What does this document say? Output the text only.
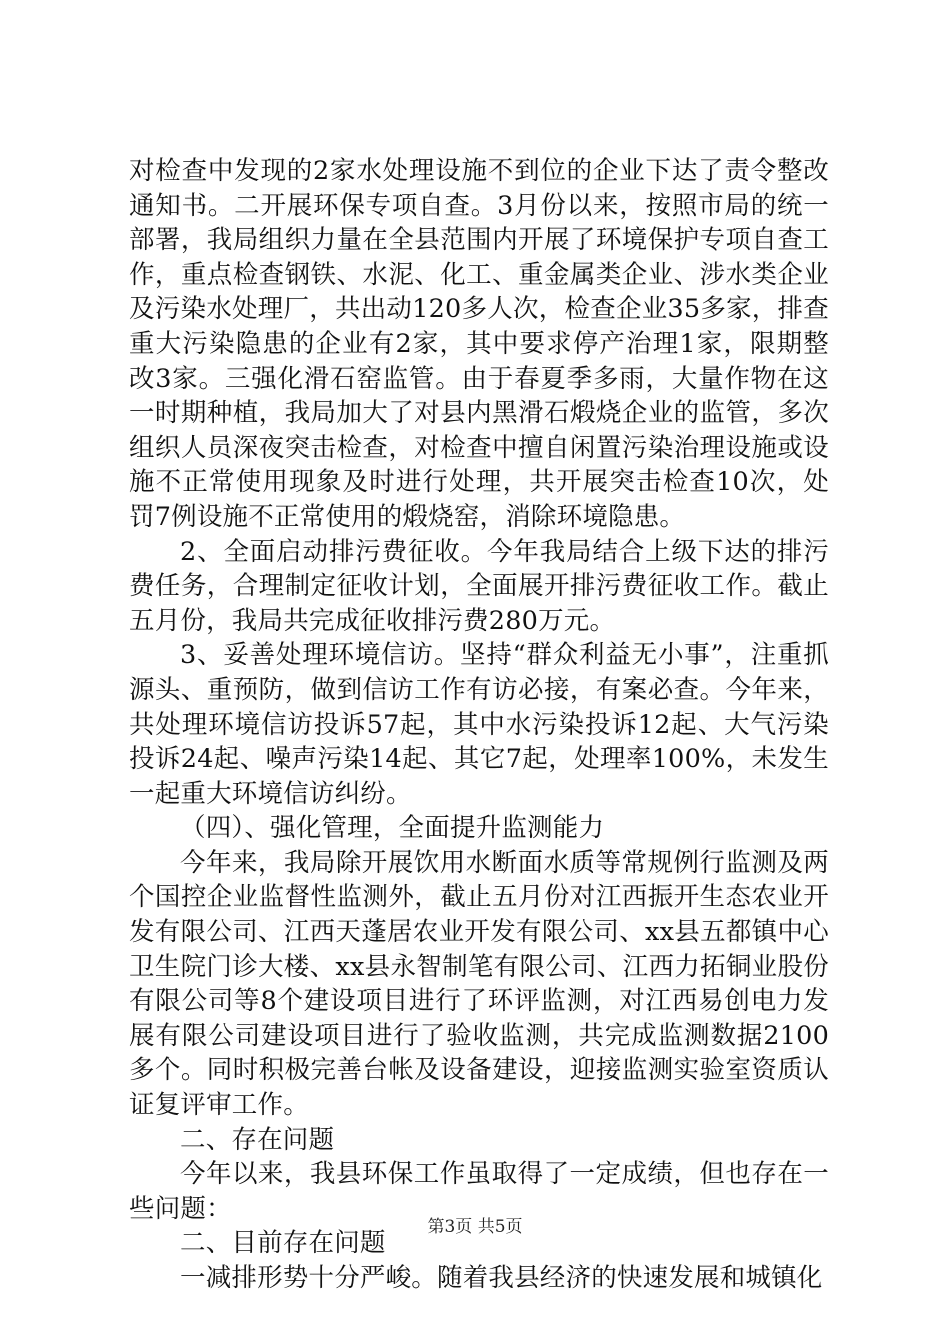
对检查中发现的2家水处理设施不到位的企业下达了责令整改通知书。二开展环保专项自查。3月份以来，按照市局的统一部署，我局组织力量在全县范围内开展了环境保护专项自查工作，重点检查钢铁、水泥、化工、重金属类企业、涉水类企业及污染水处理厂，共出动120多人次，检查企业35多家，排查重大污染隐患的企业有2家，其中要求停产治理1家，限期整改3家。三强化滑石窑监管。由于春夏季多雨，大量作物在这一时期种植，我局加大了对县内黑滑石煅烧企业的监管，多次组织人员深夜突击检查，对检查中擅自闲置污染治理设施或设施不正常使用现象及时进行处理，共开展突击检查10次，处罚7例设施不正常使用的煅烧窑，消除环境隐患。

2、全面启动排污费征收。今年我局结合上级下达的排污费任务，合理制定征收计划，全面展开排污费征收工作。截止五月份，我局共完成征收排污费280万元。

3、妥善处理环境信访。坚持“群众利益无小事”，注重抓源头、重预防，做到信访工作有访必接，有案必查。今年来，共处理环境信访投诉57起，其中水污染投诉12起、大气污染投诉24起、噪声污染14起、其它7起，处理率100%，未发生一起重大环境信访纠纷。

（四）、强化管理，全面提升监测能力

今年来，我局除开展饮用水断面水质等常规例行监测及两个国控企业监督性监测外，截止五月份对江西振开生态农业开发有限公司、江西天蓬居农业开发有限公司、xx县五都镇中心卫生院门诊大楼、xx县永智制笔有限公司、江西力拓铜业股份有限公司等8个建设项目进行了环评监测，对江西易创电力发展有限公司建设项目进行了验收监测，共完成监测数据2100多个。同时积极完善台帐及设备建设，迎接监测实验室资质认证复评审工作。

二、存在问题

今年以来，我县环保工作虽取得了一定成绩，但也存在一些问题：

二、目前存在问题

一减排形势十分严峻。随着我县经济的快速发展和城镇化

第3页 共5页
